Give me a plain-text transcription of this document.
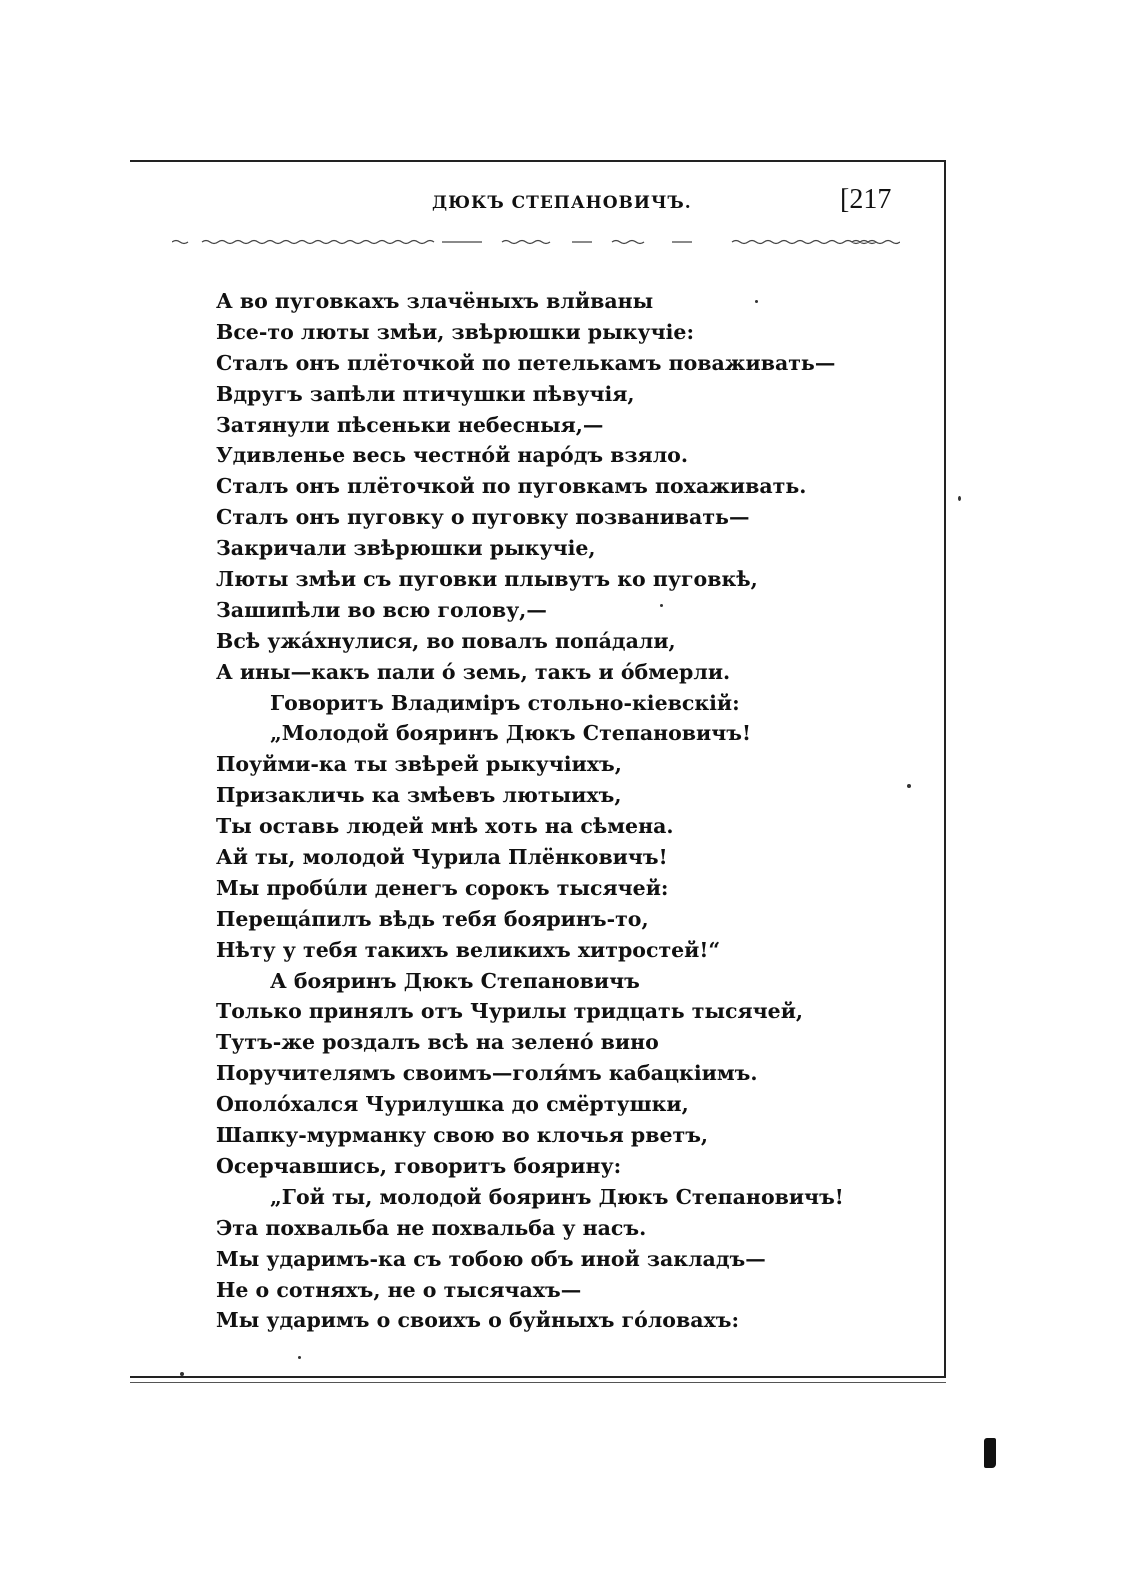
ДЮКЪ СТЕПАНОВИЧЪ.	[217
А во пуговкахъ злачёныхъ влйваны
Все-то люты змѣи, звѣрюшки рыкучіе:
Сталъ онъ плёточкой по петелькамъ поваживать—
Вдругъ запѣли птичушки пѣвучія,
Затянули пѣсеньки небесныя,—
Удивленье весь честнóй нарóдъ взяло.
Сталъ онъ плёточкой по пуговкамъ похаживать.
Сталъ онъ пуговку о пуговку позванивать—
Закричали звѣрюшки рыкучіе,
Люты змѣи съ пуговки плывутъ ко пуговкѣ,
Зашипѣли во всю голову,—
Всѣ ужáхнулися, во повалъ попáдали,
А ины—какъ пали ó земь, такъ и óбмерли.
Говоритъ Владиміръ стольно-кіевскій:
„Молодой бояринъ Дюкъ Степановичъ!
Поуйми-ка ты звѣрей рыкучіихъ,
Призакличь ка змѣевъ лютыихъ,
Ты оставь людей мнѣ хоть на сѣмена.
Ай ты, молодой Чурила Плёнковичъ!
Мы пробúли денегъ сорокъ тысячей:
Перещáпилъ вѣдь тебя бояринъ-то,
Нѣту у тебя такихъ великихъ хитростей!“
А бояринъ Дюкъ Степановичъ
Только принялъ отъ Чурилы тридцать тысячей,
Тутъ-же роздалъ всѣ на зеленó вино
Поручителямъ своимъ—голя́мъ кабацкіимъ.
Ополóхался Чурилушка до смёртушки,
Шапку-мурманку свою во клочья рветъ,
Осерчавшись, говоритъ боярину:
„Гой ты, молодой бояринъ Дюкъ Степановичъ!
Эта похвальба не похвальба у насъ.
Мы ударимъ-ка съ тобою объ иной закладъ—
Не о сотняхъ, не о тысячахъ—
Мы ударимъ о своихъ о буйныхъ гóловахъ:
